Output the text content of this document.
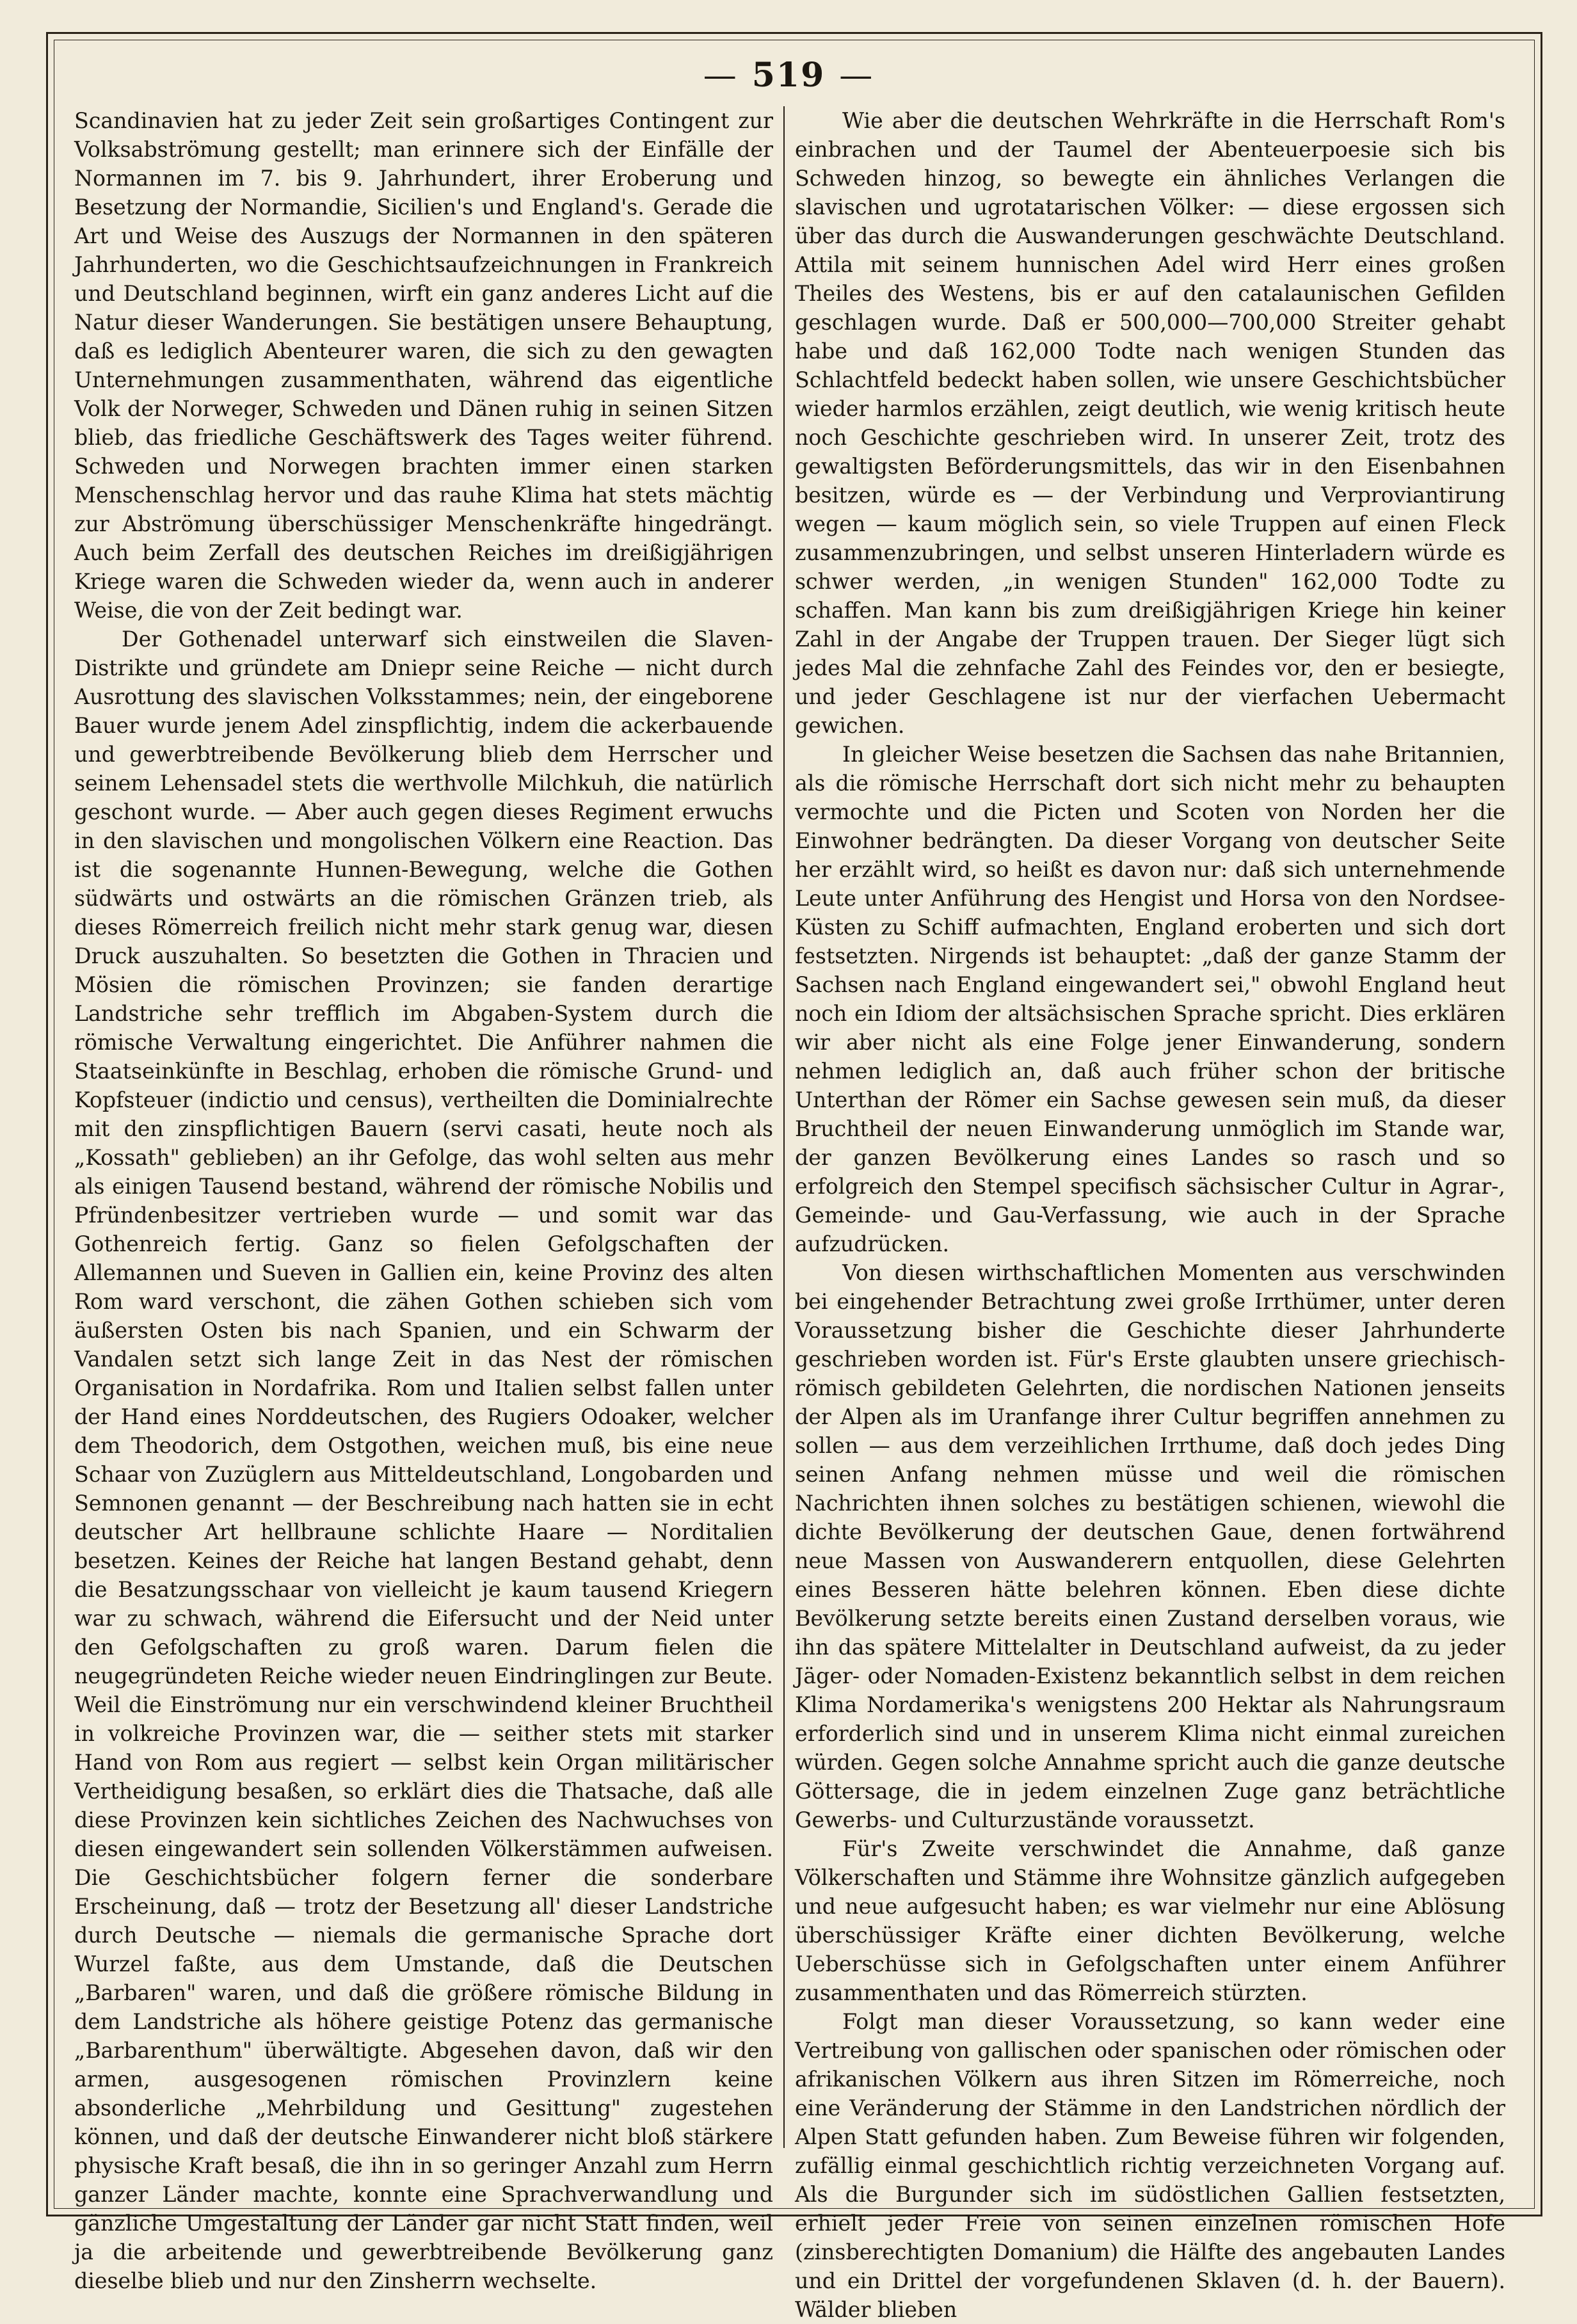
— 519 —

Scandinavien hat zu jeder Zeit sein großartiges Contingent zur Volksabströmung gestellt; man erinnere sich der Einfälle der Normannen im 7. bis 9. Jahrhundert, ihrer Eroberung und Besetzung der Normandie, Sicilien's und England's. Gerade die Art und Weise des Auszugs der Normannen in den späteren Jahrhunderten, wo die Geschichtsaufzeichnungen in Frankreich und Deutschland beginnen, wirft ein ganz anderes Licht auf die Natur dieser Wanderungen. Sie bestätigen unsere Behauptung, daß es lediglich Abenteurer waren, die sich zu den gewagten Unternehmungen zusammenthaten, während das eigentliche Volk der Norweger, Schweden und Dänen ruhig in seinen Sitzen blieb, das friedliche Geschäftswerk des Tages weiter führend. Schweden und Norwegen brachten immer einen starken Menschenschlag hervor und das rauhe Klima hat stets mächtig zur Abströmung überschüssiger Menschenkräfte hingedrängt. Auch beim Zerfall des deutschen Reiches im dreißigjährigen Kriege waren die Schweden wieder da, wenn auch in anderer Weise, die von der Zeit bedingt war.

Der Gothenadel unterwarf sich einstweilen die Slaven-Distrikte und gründete am Dniepr seine Reiche — nicht durch Ausrottung des slavischen Volksstammes; nein, der eingeborene Bauer wurde jenem Adel zinspflichtig, indem die ackerbauende und gewerbtreibende Bevölkerung blieb dem Herrscher und seinem Lehensadel stets die werthvolle Milchkuh, die natürlich geschont wurde. — Aber auch gegen dieses Regiment erwuchs in den slavischen und mongolischen Völkern eine Reaction. Das ist die sogenannte Hunnen-Bewegung, welche die Gothen südwärts und ostwärts an die römischen Gränzen trieb, als dieses Römerreich freilich nicht mehr stark genug war, diesen Druck auszuhalten. So besetzten die Gothen in Thracien und Mösien die römischen Provinzen; sie fanden derartige Landstriche sehr trefflich im Abgaben-System durch die römische Verwaltung eingerichtet. Die Anführer nahmen die Staatseinkünfte in Beschlag, erhoben die römische Grund- und Kopfsteuer (indictio und census), vertheilten die Dominialrechte mit den zinspflichtigen Bauern (servi casati, heute noch als „Kossath" geblieben) an ihr Gefolge, das wohl selten aus mehr als einigen Tausend bestand, während der römische Nobilis und Pfründenbesitzer vertrieben wurde — und somit war das Gothenreich fertig. Ganz so fielen Gefolgschaften der Allemannen und Sueven in Gallien ein, keine Provinz des alten Rom ward verschont, die zähen Gothen schieben sich vom äußersten Osten bis nach Spanien, und ein Schwarm der Vandalen setzt sich lange Zeit in das Nest der römischen Organisation in Nordafrika. Rom und Italien selbst fallen unter der Hand eines Norddeutschen, des Rugiers Odoaker, welcher dem Theodorich, dem Ostgothen, weichen muß, bis eine neue Schaar von Zuzüglern aus Mitteldeutschland, Longobarden und Semnonen genannt — der Beschreibung nach hatten sie in echt deutscher Art hellbraune schlichte Haare — Norditalien besetzen. Keines der Reiche hat langen Bestand gehabt, denn die Besatzungsschaar von vielleicht je kaum tausend Kriegern war zu schwach, während die Eifersucht und der Neid unter den Gefolgschaften zu groß waren. Darum fielen die neugegründeten Reiche wieder neuen Eindringlingen zur Beute. Weil die Einströmung nur ein verschwindend kleiner Bruchtheil in volkreiche Provinzen war, die — seither stets mit starker Hand von Rom aus regiert — selbst kein Organ militärischer Vertheidigung besaßen, so erklärt dies die Thatsache, daß alle diese Provinzen kein sichtliches Zeichen des Nachwuchses von diesen eingewandert sein sollenden Völkerstämmen aufweisen. Die Geschichtsbücher folgern ferner die sonderbare Erscheinung, daß — trotz der Besetzung all' dieser Landstriche durch Deutsche — niemals die germanische Sprache dort Wurzel faßte, aus dem Umstande, daß die Deutschen „Barbaren" waren, und daß die größere römische Bildung in dem Landstriche als höhere geistige Potenz das germanische „Barbarenthum" überwältigte. Abgesehen davon, daß wir den armen, ausgesogenen römischen Provinzlern keine absonderliche „Mehrbildung und Gesittung" zugestehen können, und daß der deutsche Einwanderer nicht bloß stärkere physische Kraft besaß, die ihn in so geringer Anzahl zum Herrn ganzer Länder machte, konnte eine Sprachverwandlung und gänzliche Umgestaltung der Länder gar nicht Statt finden, weil ja die arbeitende und gewerbtreibende Bevölkerung ganz dieselbe blieb und nur den Zinsherrn wechselte.

Wie aber die deutschen Wehrkräfte in die Herrschaft Rom's einbrachen und der Taumel der Abenteuerpoesie sich bis Schweden hinzog, so bewegte ein ähnliches Verlangen die slavischen und ugrotatarischen Völker: — diese ergossen sich über das durch die Auswanderungen geschwächte Deutschland. Attila mit seinem hunnischen Adel wird Herr eines großen Theiles des Westens, bis er auf den catalaunischen Gefilden geschlagen wurde. Daß er 500,000—700,000 Streiter gehabt habe und daß 162,000 Todte nach wenigen Stunden das Schlachtfeld bedeckt haben sollen, wie unsere Geschichtsbücher wieder harmlos erzählen, zeigt deutlich, wie wenig kritisch heute noch Geschichte geschrieben wird. In unserer Zeit, trotz des gewaltigsten Beförderungsmittels, das wir in den Eisenbahnen besitzen, würde es — der Verbindung und Verproviantirung wegen — kaum möglich sein, so viele Truppen auf einen Fleck zusammenzubringen, und selbst unseren Hinterladern würde es schwer werden, „in wenigen Stunden" 162,000 Todte zu schaffen. Man kann bis zum dreißigjährigen Kriege hin keiner Zahl in der Angabe der Truppen trauen. Der Sieger lügt sich jedes Mal die zehnfache Zahl des Feindes vor, den er besiegte, und jeder Geschlagene ist nur der vierfachen Uebermacht gewichen.

In gleicher Weise besetzen die Sachsen das nahe Britannien, als die römische Herrschaft dort sich nicht mehr zu behaupten vermochte und die Picten und Scoten von Norden her die Einwohner bedrängten. Da dieser Vorgang von deutscher Seite her erzählt wird, so heißt es davon nur: daß sich unternehmende Leute unter Anführung des Hengist und Horsa von den Nordsee-Küsten zu Schiff aufmachten, England eroberten und sich dort festsetzten. Nirgends ist behauptet: „daß der ganze Stamm der Sachsen nach England eingewandert sei," obwohl England heut noch ein Idiom der altsächsischen Sprache spricht. Dies erklären wir aber nicht als eine Folge jener Einwanderung, sondern nehmen lediglich an, daß auch früher schon der britische Unterthan der Römer ein Sachse gewesen sein muß, da dieser Bruchtheil der neuen Einwanderung unmöglich im Stande war, der ganzen Bevölkerung eines Landes so rasch und so erfolgreich den Stempel specifisch sächsischer Cultur in Agrar-, Gemeinde- und Gau-Verfassung, wie auch in der Sprache aufzudrücken.

Von diesen wirthschaftlichen Momenten aus verschwinden bei eingehender Betrachtung zwei große Irrthümer, unter deren Voraussetzung bisher die Geschichte dieser Jahrhunderte geschrieben worden ist. Für's Erste glaubten unsere griechisch-römisch gebildeten Gelehrten, die nordischen Nationen jenseits der Alpen als im Uranfange ihrer Cultur begriffen annehmen zu sollen — aus dem verzeihlichen Irrthume, daß doch jedes Ding seinen Anfang nehmen müsse und weil die römischen Nachrichten ihnen solches zu bestätigen schienen, wiewohl die dichte Bevölkerung der deutschen Gaue, denen fortwährend neue Massen von Auswanderern entquollen, diese Gelehrten eines Besseren hätte belehren können. Eben diese dichte Bevölkerung setzte bereits einen Zustand derselben voraus, wie ihn das spätere Mittelalter in Deutschland aufweist, da zu jeder Jäger- oder Nomaden-Existenz bekanntlich selbst in dem reichen Klima Nordamerika's wenigstens 200 Hektar als Nahrungsraum erforderlich sind und in unserem Klima nicht einmal zureichen würden. Gegen solche Annahme spricht auch die ganze deutsche Göttersage, die in jedem einzelnen Zuge ganz beträchtliche Gewerbs- und Culturzustände voraussetzt.

Für's Zweite verschwindet die Annahme, daß ganze Völkerschaften und Stämme ihre Wohnsitze gänzlich aufgegeben und neue aufgesucht haben; es war vielmehr nur eine Ablösung überschüssiger Kräfte einer dichten Bevölkerung, welche Ueberschüsse sich in Gefolgschaften unter einem Anführer zusammenthaten und das Römerreich stürzten.

Folgt man dieser Voraussetzung, so kann weder eine Vertreibung von gallischen oder spanischen oder römischen oder afrikanischen Völkern aus ihren Sitzen im Römerreiche, noch eine Veränderung der Stämme in den Landstrichen nördlich der Alpen Statt gefunden haben. Zum Beweise führen wir folgenden, zufällig einmal geschichtlich richtig verzeichneten Vorgang auf. Als die Burgunder sich im südöstlichen Gallien festsetzten, erhielt jeder Freie von seinen einzelnen römischen Hofe (zinsberechtigten Domanium) die Hälfte des angebauten Landes und ein Drittel der vorgefundenen Sklaven (d. h. der Bauern). Wälder blieben
